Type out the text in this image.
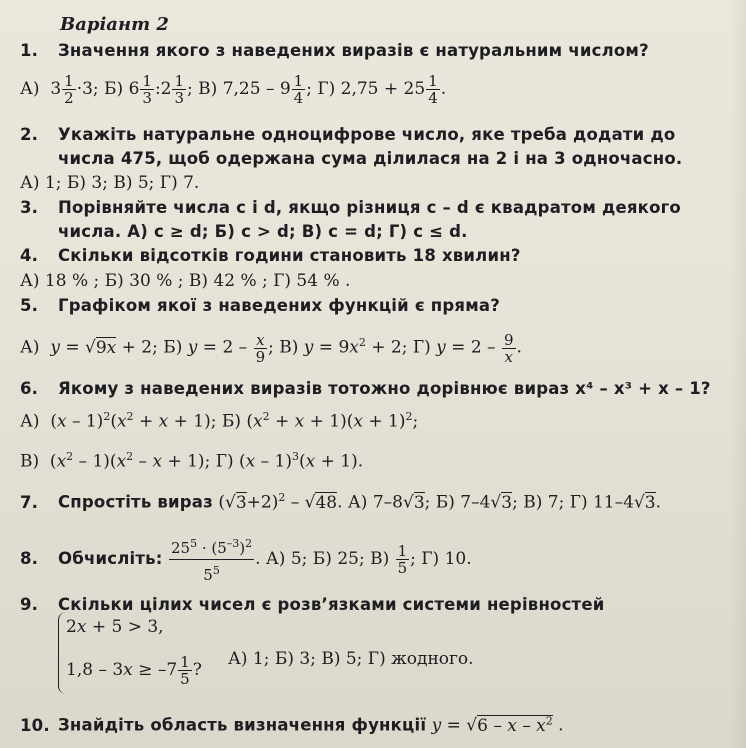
Варіант 2
1. Значення якого з наведених виразів є натуральним числом?
А)  $3 \frac{1}{2} \cdot 3$; Б) $6 \frac{1}{3}$ :2 $\frac{1}{3}$ ; В) $7,25 - 9 \frac{1}{4}$ ; Г) $2,75 + 25 \frac{1}{4}$ .
2. Укажіть натуральне одноцифрове число, яке треба додати до
числа 475, щоб одержана сума ділилася на 2 і на 3 одночасно.
А) 1; Б) 3; В) 5; Г) 7.
3. Порівняйте числа c і d, якщо різниця c – d є квадратом деякого
числа. А) c ≥ d; Б) c > d; В) c = d; Г) c ≤ d.
4. Скільки відсотків години становить 18 хвилин?
А) 18 % ; Б) 30 % ; В) 42 % ; Г) 54 % .
5. Графіком якої з наведених функцій є пряма?
А)  y = √9x + 2; Б) $y = 2 - \frac{x}{9}$ ; В) $y = 9x^2 + 2$; Г) $y = 2 - \frac{9}{x}$ .
6. Якому з наведених виразів тотожно дорівнює вираз x⁴ – x³ + x – 1?
А)  $(x - 1)^2(x^2 + x + 1)$; Б) $(x^2 + x + 1)(x + 1)^2$;
В)  $(x^2 - 1)(x^2 - x + 1)$; Г) (x – 1)$^3$(x + 1).
7. Спростіть вираз $(√3+2)^2 - √48$. А) 7–8√3; Б) 7–4√3; В) 7; Г) 11–4√3.
8. Обчисліть: $\frac{25^5 \cdot (5^{-3})^2}{5^5}$ . А) 5; Б) 25; $В) \frac{1}{5}$ ; Г) 10.
9. Скільки цілих чисел є розв’язками системи нерівностей
2x + 5 > 3,
$1,8 - 3x \ge -7 \frac{1}{5}$ ?
А) 1; Б) 3; В) 5; Г) жодного.
10. Знайдіть область визначення функції $y = √6 - x - x^2$ .
